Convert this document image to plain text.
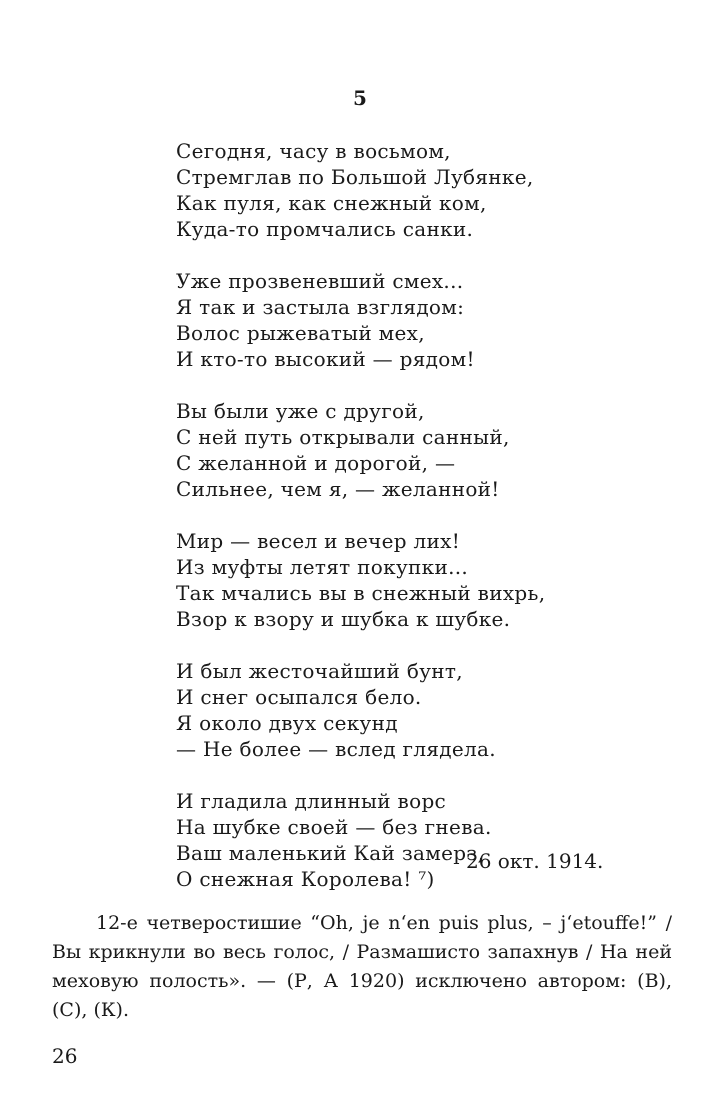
5
Сегодня, часу в восьмом,
Стремглав по Большой Лубянке,
Как пуля, как снежный ком,
Куда-то промчались санки.
Уже прозвеневший смех...
Я так и застыла взглядом:
Волос рыжеватый мех,
И кто-то высокий — рядом!
Вы были уже с другой,
С ней путь открывали санный,
С желанной и дорогой, —
Сильнее, чем я, — желанной!
Мир — весел и вечер лих!
Из муфты летят покупки...
Так мчались вы в снежный вихрь,
Взор к взору и шубка к шубке.
И был жесточайший бунт,
И снег осыпался бело.
Я около двух секунд
— Не более — вслед глядела.
И гладила длинный ворс
На шубке своей — без гнева.
Ваш маленький Кай замерз,
О снежная Королева! ⁷)
26 окт. 1914.

12-е четверостишие “Oh, je n‘en puis plus, – j‘etouffe!” /Вы крикнули во весь голос, / Размашисто запахнув / На ней меховую полость». — (Р, А 1920) исключено автором: (В), (С), (К).

26
